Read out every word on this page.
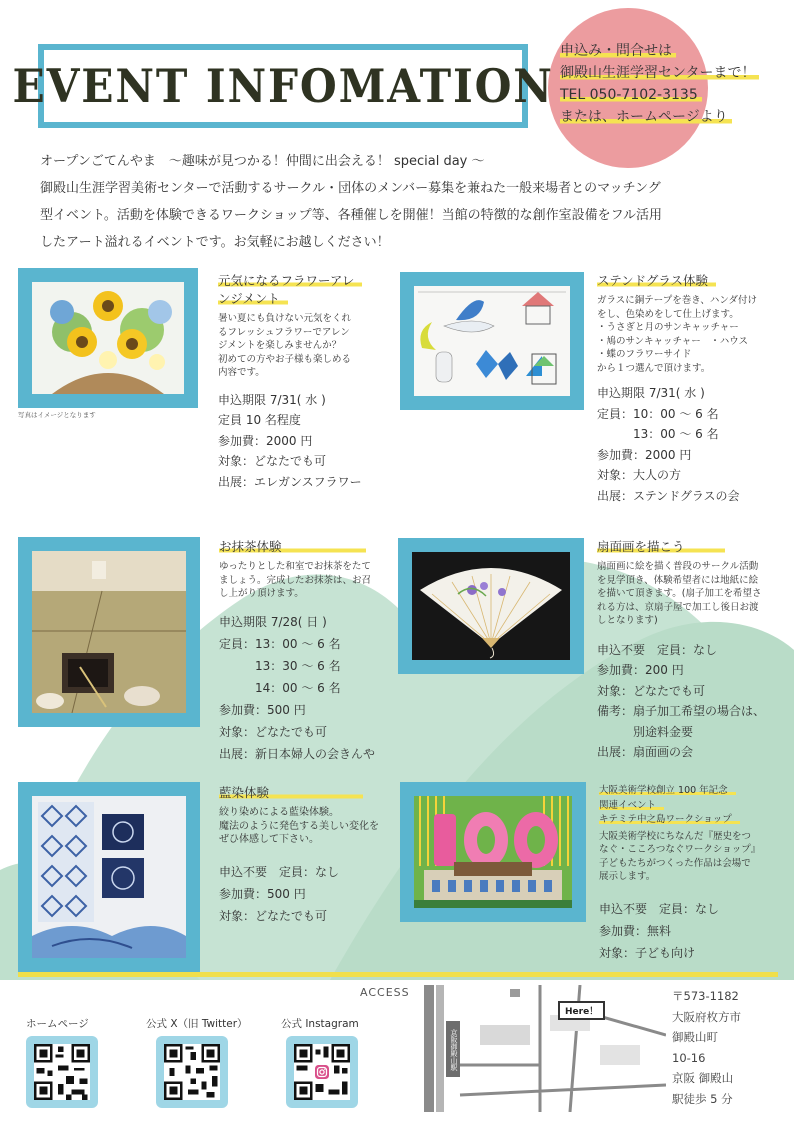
EVENT INFOMATION
申込み・問合せは
御殿山生涯学習センターまで！
TEL 050-7102-3135
または、ホームページより
オープンごてんやま　～趣味が見つかる！仲間に出会える！ special day ～
御殿山生涯学習美術センターで活動するサークル・団体のメンバー募集を兼ねた一般来場者とのマッチング
型イベント。活動を体験できるワークショップ等、各種催しを開催！当館の特徴的な創作室設備をフル活用
したアート溢れるイベントです。お気軽にお越しください！
写真はイメージとなります
元気になるフラワーアレ
ンジメント
暑い夏にも負けない元気をくれ
るフレッシュフラワーでアレン
ジメントを楽しみませんか？
初めての方やお子様も楽しめる
内容です。
申込期限 7/31( 水 )
定員 10 名程度
参加費：2000 円
対象：どなたでも可
出展：エレガンスフラワー
ステンドグラス体験
ガラスに銅テープを巻き、ハンダ付け
をし、色染めをして仕上げます。
・うさぎと月のサンキャッチャー
・鳩のサンキャッチャー　・ハウス
・蝶のフラワーサイド
から１つ選んで頂けます。
申込期限 7/31( 水 )
定員：10：00 ～ 6 名
　　　13：00 ～ 6 名
参加費：2000 円
対象：大人の方
出展：ステンドグラスの会
お抹茶体験
ゆったりとした和室でお抹茶をたて
ましょう。完成したお抹茶は、お召
し上がり頂けます。
申込期限 7/28( 日 )
定員：13：00 ～ 6 名
　　　13：30 ～ 6 名
　　　14：00 ～ 6 名
参加費：500 円
対象：どなたでも可
出展：新日本婦人の会きんや
扇面画を描こう
扇面画に絵を描く普段のサークル活動
を見学頂き、体験希望者には地紙に絵
を描いて頂きます。(扇子加工を希望さ
れる方は、京扇子屋で加工し後日お渡
しとなります)
申込不要　定員：なし
参加費：200 円
対象：どなたでも可
備考：扇子加工希望の場合は、
　　　別途料金要
出展：扇面画の会
藍染体験
絞り染めによる藍染体験。
魔法のように発色する美しい変化を
ぜひ体感して下さい。
申込不要　定員：なし
参加費：500 円
対象：どなたでも可
大阪美術学校創立 100 年記念
関連イベント
キテミテ中之島ワークショップ
大阪美術学校にちなんだ『歴史をつ
なぐ・こころつなぐワークショップ』
子どもたちがつくった作品は会場で
展示します。
申込不要　定員：なし
参加費：無料
対象：子ども向け
ホームページ	公式 X（旧 Twitter）	公式 Instagram
ACCESS
Here！
京阪御殿山駅
〒573-1182
大阪府枚方市
御殿山町
10-16
京阪 御殿山
駅徒歩 5 分
